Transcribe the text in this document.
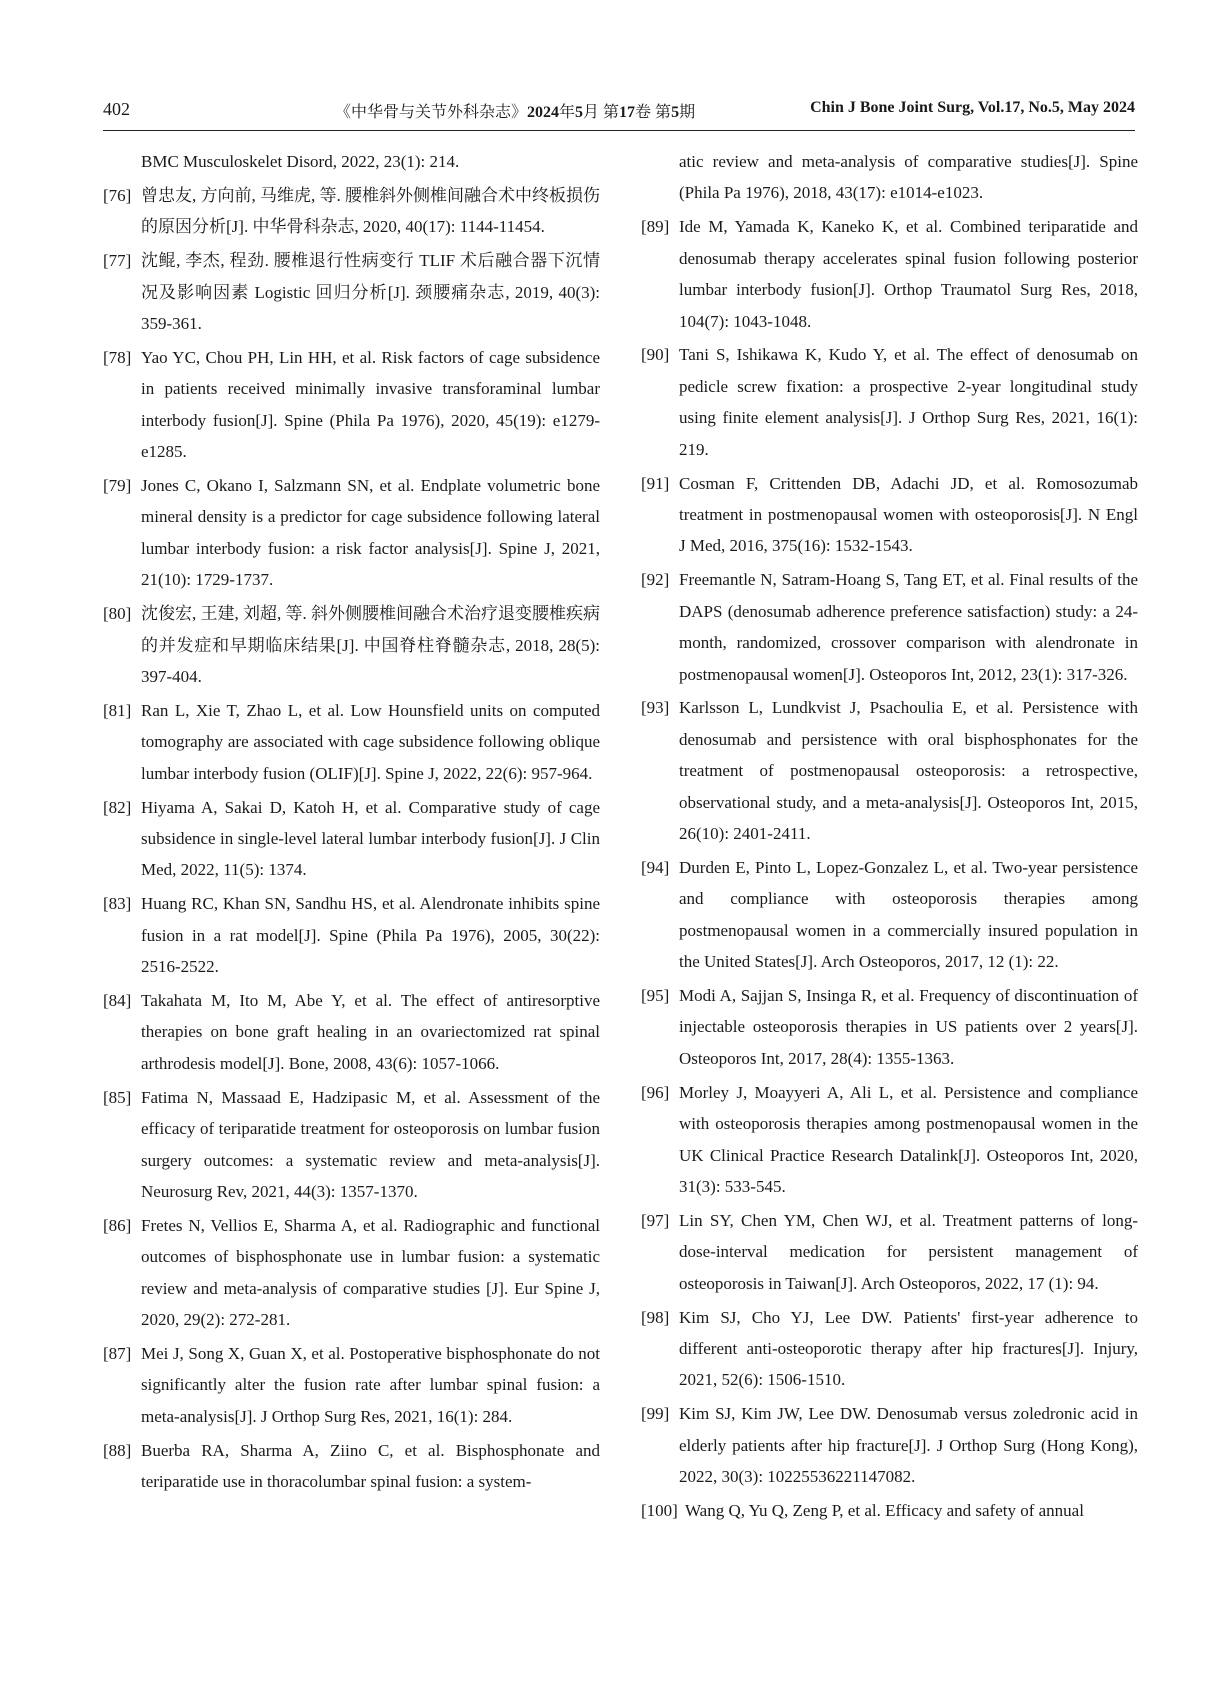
402	《中华骨与关节外科杂志》2024年5月 第17卷 第5期	Chin J Bone Joint Surg, Vol.17, No.5, May 2024

BMC Musculoskelet Disord, 2022, 23(1): 214.

[76] 曾忠友, 方向前, 马维虎, 等. 腰椎斜外侧椎间融合术中终板损伤的原因分析[J]. 中华骨科杂志, 2020, 40(17): 1144-11454.

[77] 沈鲲, 李杰, 程劲. 腰椎退行性病变行 TLIF 术后融合器下沉情况及影响因素 Logistic 回归分析[J]. 颈腰痛杂志, 2019, 40(3): 359-361.

[78] Yao YC, Chou PH, Lin HH, et al. Risk factors of cage subsidence in patients received minimally invasive transforaminal lumbar interbody fusion[J]. Spine (Phila Pa 1976), 2020, 45(19): e1279-e1285.

[79] Jones C, Okano I, Salzmann SN, et al. Endplate volumetric bone mineral density is a predictor for cage subsidence following lateral lumbar interbody fusion: a risk factor analysis[J]. Spine J, 2021, 21(10): 1729-1737.

[80] 沈俊宏, 王建, 刘超, 等. 斜外侧腰椎间融合术治疗退变腰椎疾病的并发症和早期临床结果[J]. 中国脊柱脊髓杂志, 2018, 28(5): 397-404.

[81] Ran L, Xie T, Zhao L, et al. Low Hounsfield units on computed tomography are associated with cage subsidence following oblique lumbar interbody fusion (OLIF)[J]. Spine J, 2022, 22(6): 957-964.

[82] Hiyama A, Sakai D, Katoh H, et al. Comparative study of cage subsidence in single-level lateral lumbar interbody fusion[J]. J Clin Med, 2022, 11(5): 1374.

[83] Huang RC, Khan SN, Sandhu HS, et al. Alendronate inhibits spine fusion in a rat model[J]. Spine (Phila Pa 1976), 2005, 30(22): 2516-2522.

[84] Takahata M, Ito M, Abe Y, et al. The effect of antiresorptive therapies on bone graft healing in an ovariectomized rat spinal arthrodesis model[J]. Bone, 2008, 43(6): 1057-1066.

[85] Fatima N, Massaad E, Hadzipasic M, et al. Assessment of the efficacy of teriparatide treatment for osteoporosis on lumbar fusion surgery outcomes: a systematic review and meta-analysis[J]. Neurosurg Rev, 2021, 44(3): 1357-1370.

[86] Fretes N, Vellios E, Sharma A, et al. Radiographic and functional outcomes of bisphosphonate use in lumbar fusion: a systematic review and meta-analysis of comparative studies [J]. Eur Spine J, 2020, 29(2): 272-281.

[87] Mei J, Song X, Guan X, et al. Postoperative bisphosphonate do not significantly alter the fusion rate after lumbar spinal fusion: a meta-analysis[J]. J Orthop Surg Res, 2021, 16(1): 284.

[88] Buerba RA, Sharma A, Ziino C, et al. Bisphosphonate and teriparatide use in thoracolumbar spinal fusion: a system-

atic review and meta-analysis of comparative studies[J]. Spine (Phila Pa 1976), 2018, 43(17): e1014-e1023.

[89] Ide M, Yamada K, Kaneko K, et al. Combined teriparatide and denosumab therapy accelerates spinal fusion following posterior lumbar interbody fusion[J]. Orthop Traumatol Surg Res, 2018, 104(7): 1043-1048.

[90] Tani S, Ishikawa K, Kudo Y, et al. The effect of denosumab on pedicle screw fixation: a prospective 2-year longitudinal study using finite element analysis[J]. J Orthop Surg Res, 2021, 16(1): 219.

[91] Cosman F, Crittenden DB, Adachi JD, et al. Romosozumab treatment in postmenopausal women with osteoporosis[J]. N Engl J Med, 2016, 375(16): 1532-1543.

[92] Freemantle N, Satram-Hoang S, Tang ET, et al. Final results of the DAPS (denosumab adherence preference satisfaction) study: a 24-month, randomized, crossover comparison with alendronate in postmenopausal women[J]. Osteoporos Int, 2012, 23(1): 317-326.

[93] Karlsson L, Lundkvist J, Psachoulia E, et al. Persistence with denosumab and persistence with oral bisphosphonates for the treatment of postmenopausal osteoporosis: a retrospective, observational study, and a meta-analysis[J]. Osteoporos Int, 2015, 26(10): 2401-2411.

[94] Durden E, Pinto L, Lopez-Gonzalez L, et al. Two-year persistence and compliance with osteoporosis therapies among postmenopausal women in a commercially insured population in the United States[J]. Arch Osteoporos, 2017, 12 (1): 22.

[95] Modi A, Sajjan S, Insinga R, et al. Frequency of discontinuation of injectable osteoporosis therapies in US patients over 2 years[J]. Osteoporos Int, 2017, 28(4): 1355-1363.

[96] Morley J, Moayyeri A, Ali L, et al. Persistence and compliance with osteoporosis therapies among postmenopausal women in the UK Clinical Practice Research Datalink[J]. Osteoporos Int, 2020, 31(3): 533-545.

[97] Lin SY, Chen YM, Chen WJ, et al. Treatment patterns of long-dose-interval medication for persistent management of osteoporosis in Taiwan[J]. Arch Osteoporos, 2022, 17 (1): 94.

[98] Kim SJ, Cho YJ, Lee DW. Patients' first-year adherence to different anti-osteoporotic therapy after hip fractures[J]. Injury, 2021, 52(6): 1506-1510.

[99] Kim SJ, Kim JW, Lee DW. Denosumab versus zoledronic acid in elderly patients after hip fracture[J]. J Orthop Surg (Hong Kong), 2022, 30(3): 10225536221147082.

[100] Wang Q, Yu Q, Zeng P, et al. Efficacy and safety of annual
